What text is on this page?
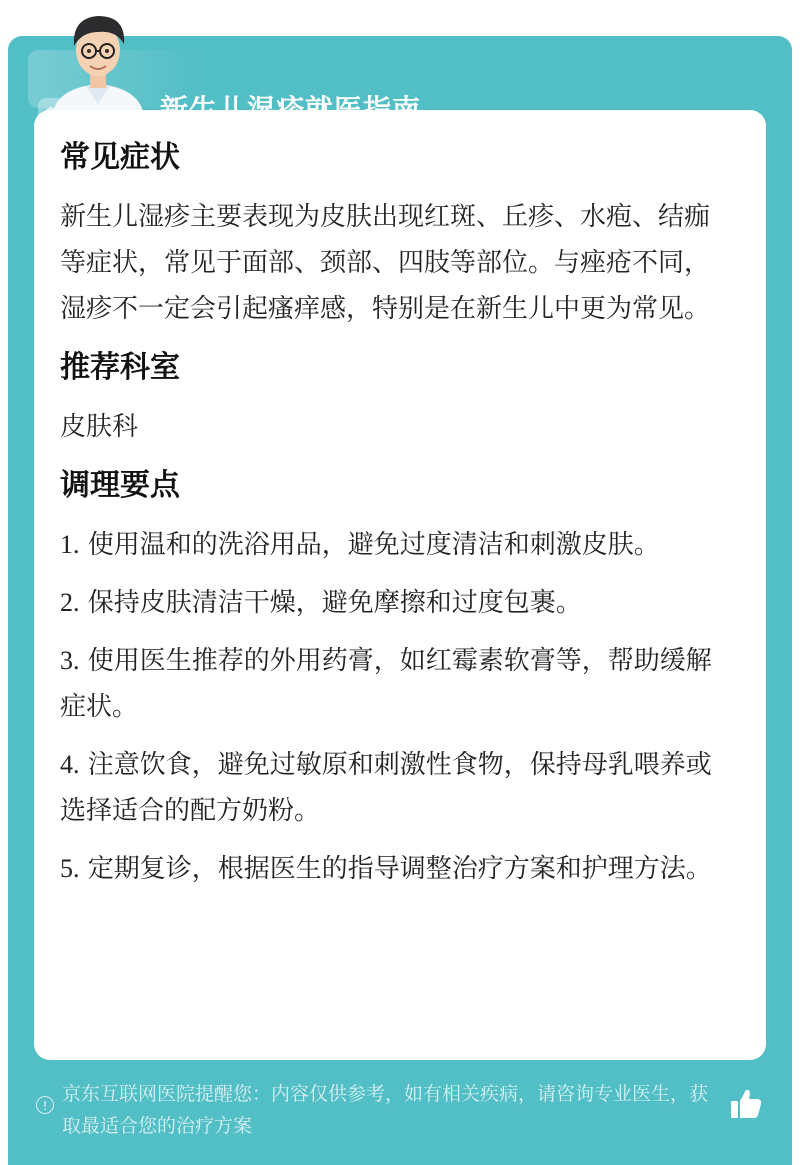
常见症状
新生儿湿疹主要表现为皮肤出现红斑、丘疹、水疱、结痂等症状，常见于面部、颈部、四肢等部位。与痤疮不同，湿疹不一定会引起瘙痒感，特别是在新生儿中更为常见。
推荐科室
皮肤科
调理要点
1. 使用温和的洗浴用品，避免过度清洁和刺激皮肤。
2. 保持皮肤清洁干燥，避免摩擦和过度包裹。
3. 使用医生推荐的外用药膏，如红霉素软膏等，帮助缓解症状。
4. 注意饮食，避免过敏原和刺激性食物，保持母乳喂养或选择适合的配方奶粉。
5. 定期复诊，根据医生的指导调整治疗方案和护理方法。
!
京东互联网医院提醒您：内容仅供参考，如有相关疾病，请咨询专业医生，获取最适合您的治疗方案
